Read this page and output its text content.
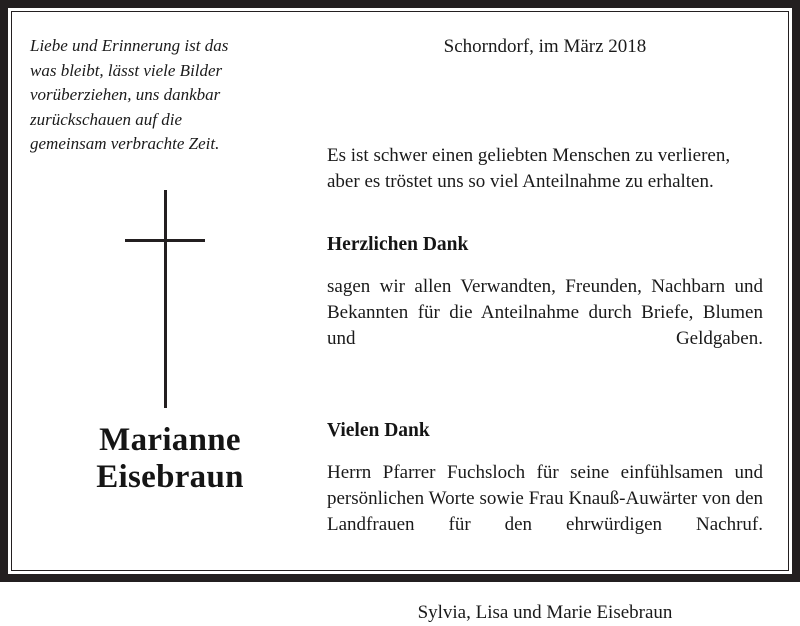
Liebe und Erinnerung ist das
was bleibt, lässt viele Bilder
vorüberziehen, uns dankbar
zurückschauen auf die
gemeinsam verbrachte Zeit.
Marianne
Eisebraun
Schorndorf, im März 2018
Es ist schwer einen geliebten Menschen zu verlieren,
aber es tröstet uns so viel Anteilnahme zu erhalten.
Herzlichen Dank
sagen wir allen Verwandten, Freunden, Nachbarn und Bekannten für die Anteilnahme durch Briefe, Blumen und Geldgaben.
Vielen Dank
Herrn Pfarrer Fuchsloch für seine einfühlsamen und persönlichen Worte sowie Frau Knauß-Auwärter von den Landfrauen für den ehrwürdigen Nachruf.
Sylvia, Lisa und Marie Eisebraun
